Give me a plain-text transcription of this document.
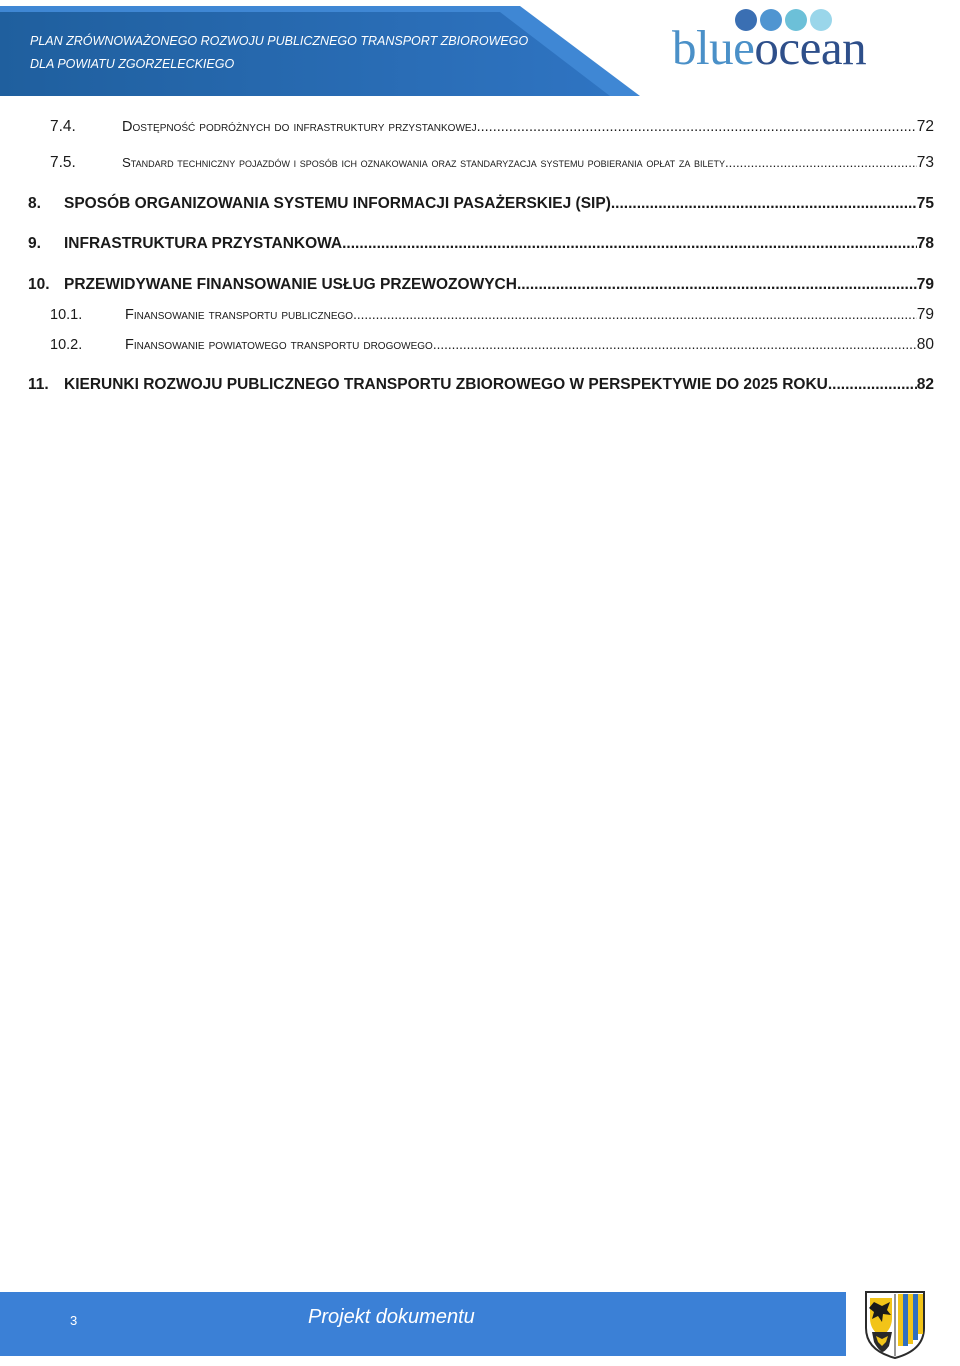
PLAN ZRÓWNOWAŻONEGO ROZWOJU PUBLICZNEGO TRANSPORT ZBIOROWEGO
DLA POWIATU ZGORZELECKIEGO	blueocean
7.4.	Dostępność podróżnych do infrastruktury przystankowej .....	72
7.5.	Standard techniczny pojazdów i sposób ich oznakowania oraz standaryzacja systemu pobierania opłat za bilety .....	73
8.	SPOSÓB ORGANIZOWANIA SYSTEMU INFORMACJI PASAŻERSKIEJ (SIP) .....	75
9.	INFRASTRUKTURA PRZYSTANKOWA .....	78
10. PRZEWIDYWANE FINANSOWANIE USŁUG PRZEWOZOWYCH .....	79
10.1.	Finansowanie transportu publicznego .....	79
10.2.	Finansowanie powiatowego transportu drogowego .....	80
11. KIERUNKI ROZWOJU PUBLICZNEGO TRANSPORTU ZBIOROWEGO W PERSPEKTYWIE DO 2025 ROKU .....	82
3	Projekt dokumentu
